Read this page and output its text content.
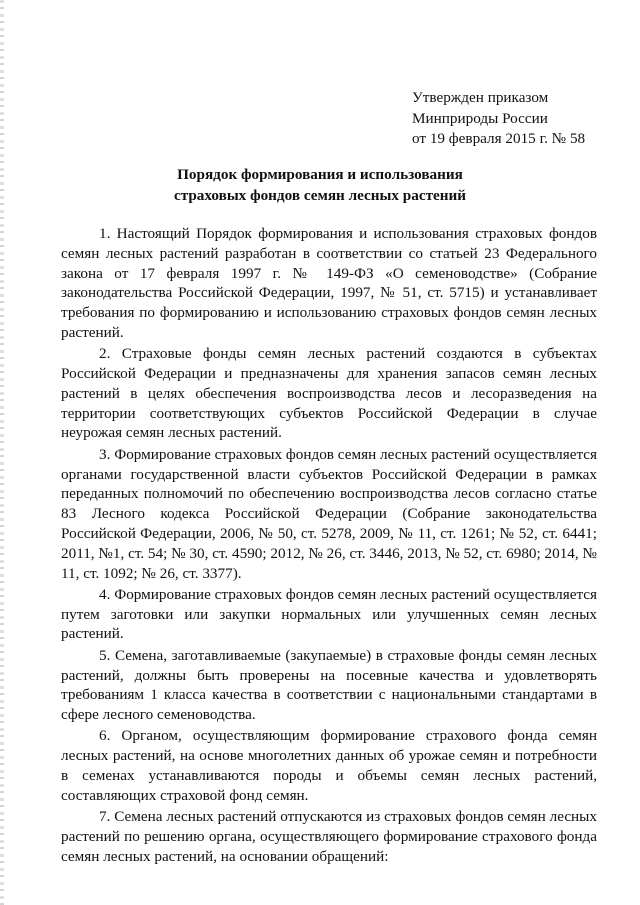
Утвержден приказом
Минприроды России
от 19 февраля 2015 г. № 58
Порядок формирования и использования
страховых фондов семян лесных растений

1. Настоящий Порядок формирования и использования страховых фондов семян лесных растений разработан в соответствии со статьей 23 Федерального закона от 17 февраля 1997 г. № 149-ФЗ «О семеноводстве» (Собрание законодательства Российской Федерации, 1997, № 51, ст. 5715) и устанавливает требования по формированию и использованию страховых фондов семян лесных растений.

2. Страховые фонды семян лесных растений создаются в субъектах Российской Федерации и предназначены для хранения запасов семян лесных растений в целях обеспечения воспроизводства лесов и лесоразведения на территории соответствующих субъектов Российской Федерации в случае неурожая семян лесных растений.

3. Формирование страховых фондов семян лесных растений осуществляется органами государственной власти субъектов Российской Федерации в рамках переданных полномочий по обеспечению воспроизводства лесов согласно статье 83 Лесного кодекса Российской Федерации (Собрание законодательства Российской Федерации, 2006, № 50, ст. 5278, 2009, № 11, ст. 1261; № 52, ст. 6441; 2011, №1, ст. 54; № 30, ст. 4590; 2012, № 26, ст. 3446, 2013, № 52, ст. 6980; 2014, № 11, ст. 1092; № 26, ст. 3377).

4. Формирование страховых фондов семян лесных растений осуществляется путем заготовки или закупки нормальных или улучшенных семян лесных растений.

5. Семена, заготавливаемые (закупаемые) в страховые фонды семян лесных растений, должны быть проверены на посевные качества и удовлетворять требованиям 1 класса качества в соответствии с национальными стандартами в сфере лесного семеноводства.

6. Органом, осуществляющим формирование страхового фонда семян лесных растений, на основе многолетних данных об урожае семян и потребности в семенах устанавливаются породы и объемы семян лесных растений, составляющих страховой фонд семян.

7. Семена лесных растений отпускаются из страховых фондов семян лесных растений по решению органа, осуществляющего формирование страхового фонда семян лесных растений, на основании обращений:
